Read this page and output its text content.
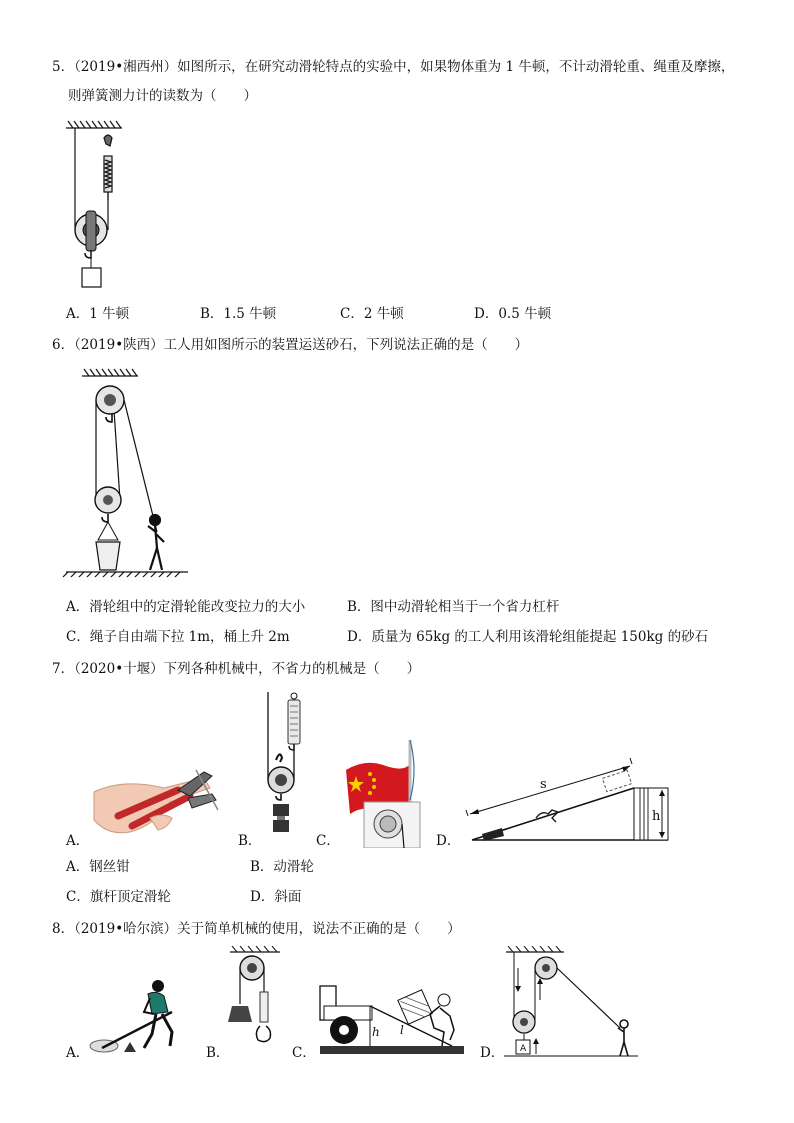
5．（2019•湘西州）如图所示，在研究动滑轮特点的实验中，如果物体重为 1 牛顿，不计动滑轮重、绳重及摩擦，
则弹簧测力计的读数为（　　）
A．1 牛顿	B．1.5 牛顿	C．2 牛顿	D．0.5 牛顿
6．（2019•陕西）工人用如图所示的装置运送砂石，下列说法正确的是（　　）
A．滑轮组中的定滑轮能改变拉力的大小	B．图中动滑轮相当于一个省力杠杆
C．绳子自由端下拉 1m，桶上升 2m	D．质量为 65kg 的工人利用该滑轮组能提起 150kg 的砂石
7．（2020•十堰）下列各种机械中，不省力的机械是（　　）
A．	B．	C．	D．
h
s
A．钢丝钳	B．动滑轮
C．旗杆顶定滑轮	D．斜面
8．（2019•哈尔滨）关于简单机械的使用，说法不正确的是（　　）
A．	B．	C．
h l
D． A
